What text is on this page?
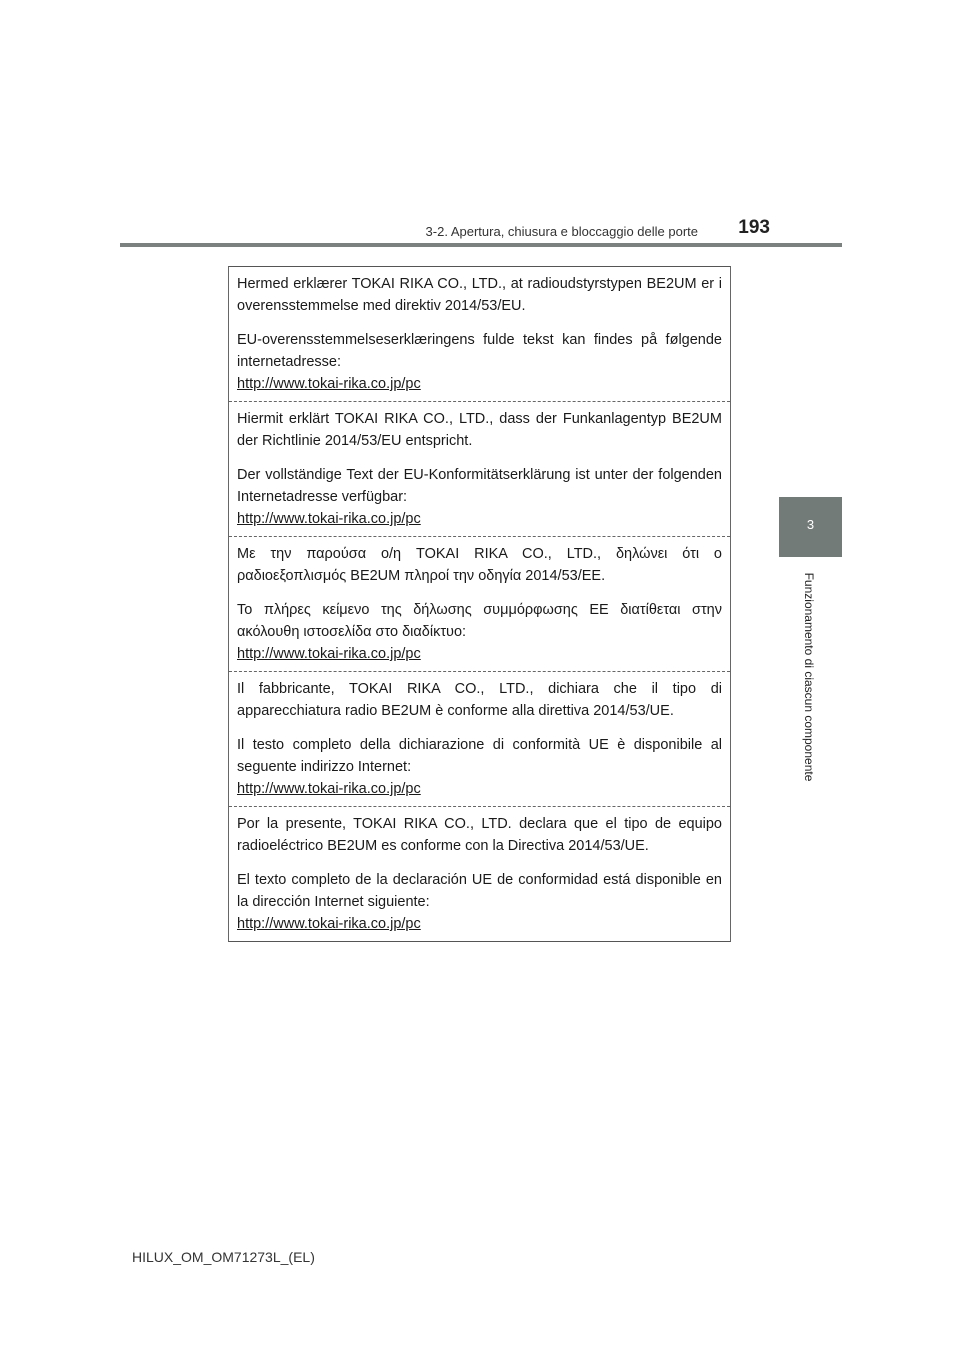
3-2. Apertura, chiusura e bloccaggio delle porte 193
3
Funzionamento di ciascun componente

Hermed erklærer TOKAI RIKA CO., LTD., at radioudstyrstypen BE2UM er i overensstemmelse med direktiv 2014/53/EU.

EU-overensstemmelseserklæringens fulde tekst kan findes på følgende internetadresse:

http://www.tokai-rika.co.jp/pc

Hiermit erklärt TOKAI RIKA CO., LTD., dass der Funkanlagentyp BE2UM der Richtlinie 2014/53/EU entspricht.

Der vollständige Text der EU-Konformitätserklärung ist unter der folgenden Internetadresse verfügbar:

http://www.tokai-rika.co.jp/pc

Με την παρούσα ο/η TOKAI RIKA CO., LTD., δηλώνει ότι ο ραδιοεξοπλισμός BE2UM πληροί την οδηγία 2014/53/ΕΕ.

Το πλήρες κείμενο της δήλωσης συμμόρφωσης ΕΕ διατίθεται στην ακόλουθη ιστοσελίδα στο διαδίκτυο:

http://www.tokai-rika.co.jp/pc

Il fabbricante, TOKAI RIKA CO., LTD., dichiara che il tipo di apparecchiatura radio BE2UM è conforme alla direttiva 2014/53/UE.

Il testo completo della dichiarazione di conformità UE è disponibile al seguente indirizzo Internet:

http://www.tokai-rika.co.jp/pc

Por la presente, TOKAI RIKA CO., LTD. declara que el tipo de equipo radioeléctrico BE2UM es conforme con la Directiva 2014/53/UE.

El texto completo de la declaración UE de conformidad está disponible en la dirección Internet siguiente:

http://www.tokai-rika.co.jp/pc
HILUX_OM_OM71273L_(EL)
